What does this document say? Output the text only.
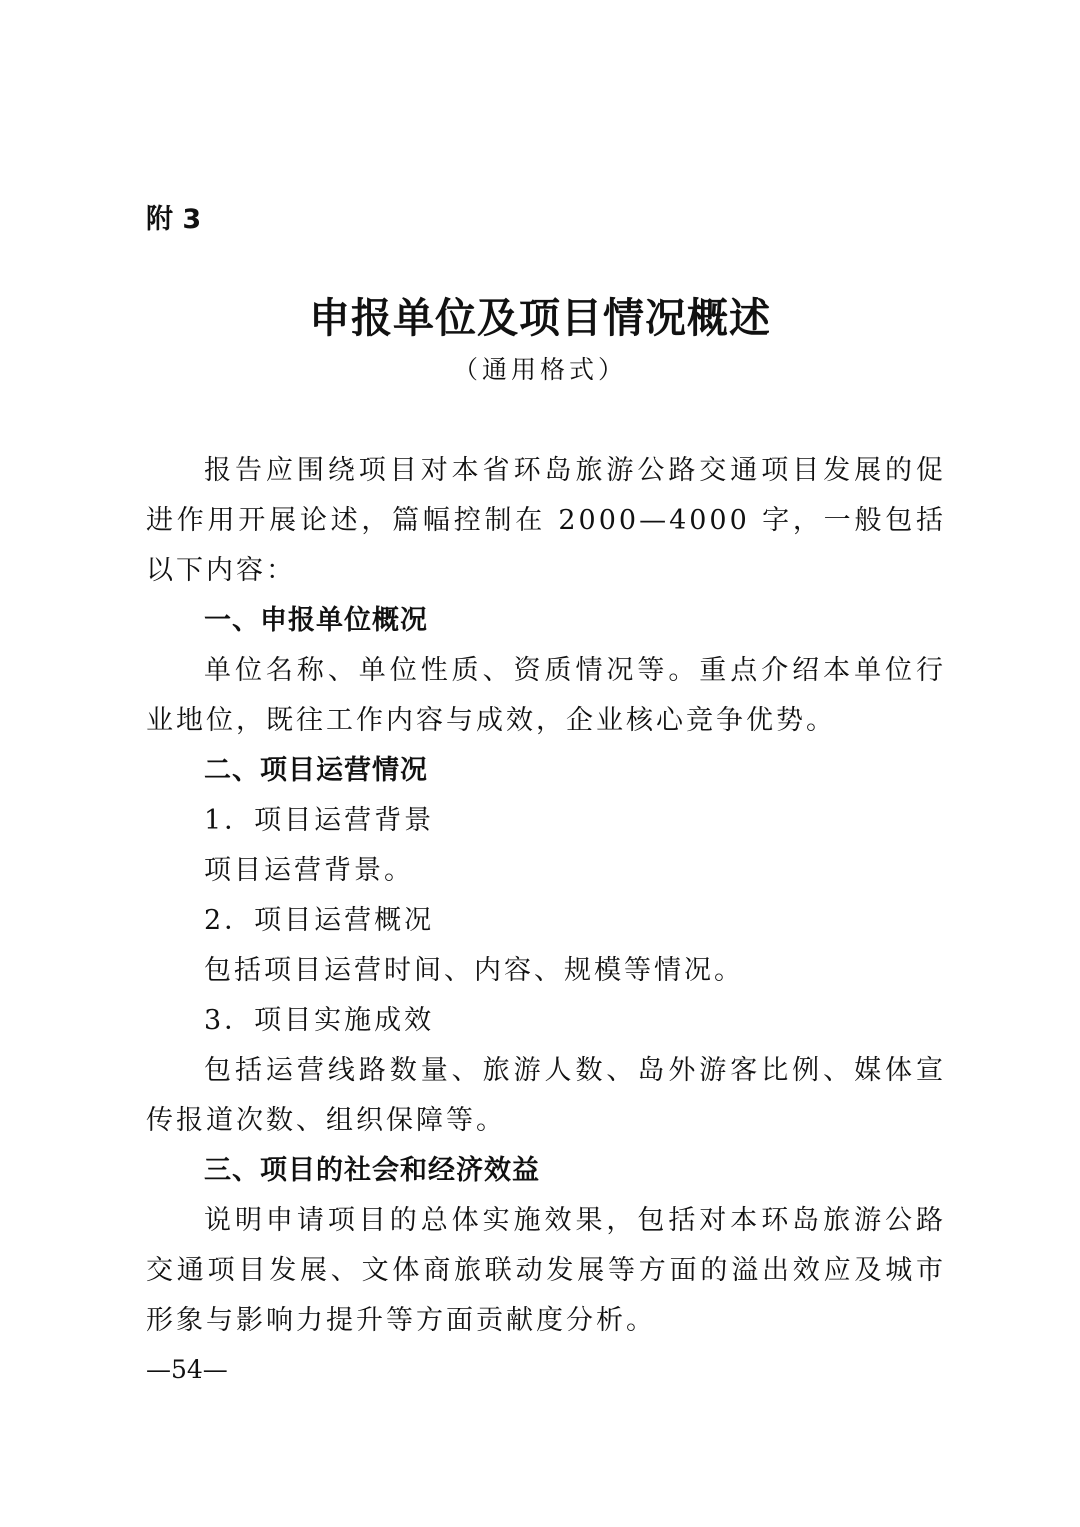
附 3
申报单位及项目情况概述
（通用格式）

报告应围绕项目对本省环岛旅游公路交通项目发展的促进作用开展论述，篇幅控制在 2000—4000 字，一般包括以下内容：

一、申报单位概况

单位名称、单位性质、资质情况等。重点介绍本单位行业地位，既往工作内容与成效，企业核心竞争优势。

二、项目运营情况

1．项目运营背景

项目运营背景。

2．项目运营概况

包括项目运营时间、内容、规模等情况。

3．项目实施成效

包括运营线路数量、旅游人数、岛外游客比例、媒体宣传报道次数、组织保障等。

三、项目的社会和经济效益

说明申请项目的总体实施效果，包括对本环岛旅游公路交通项目发展、文体商旅联动发展等方面的溢出效应及城市形象与影响力提升等方面贡献度分析。

—54—
